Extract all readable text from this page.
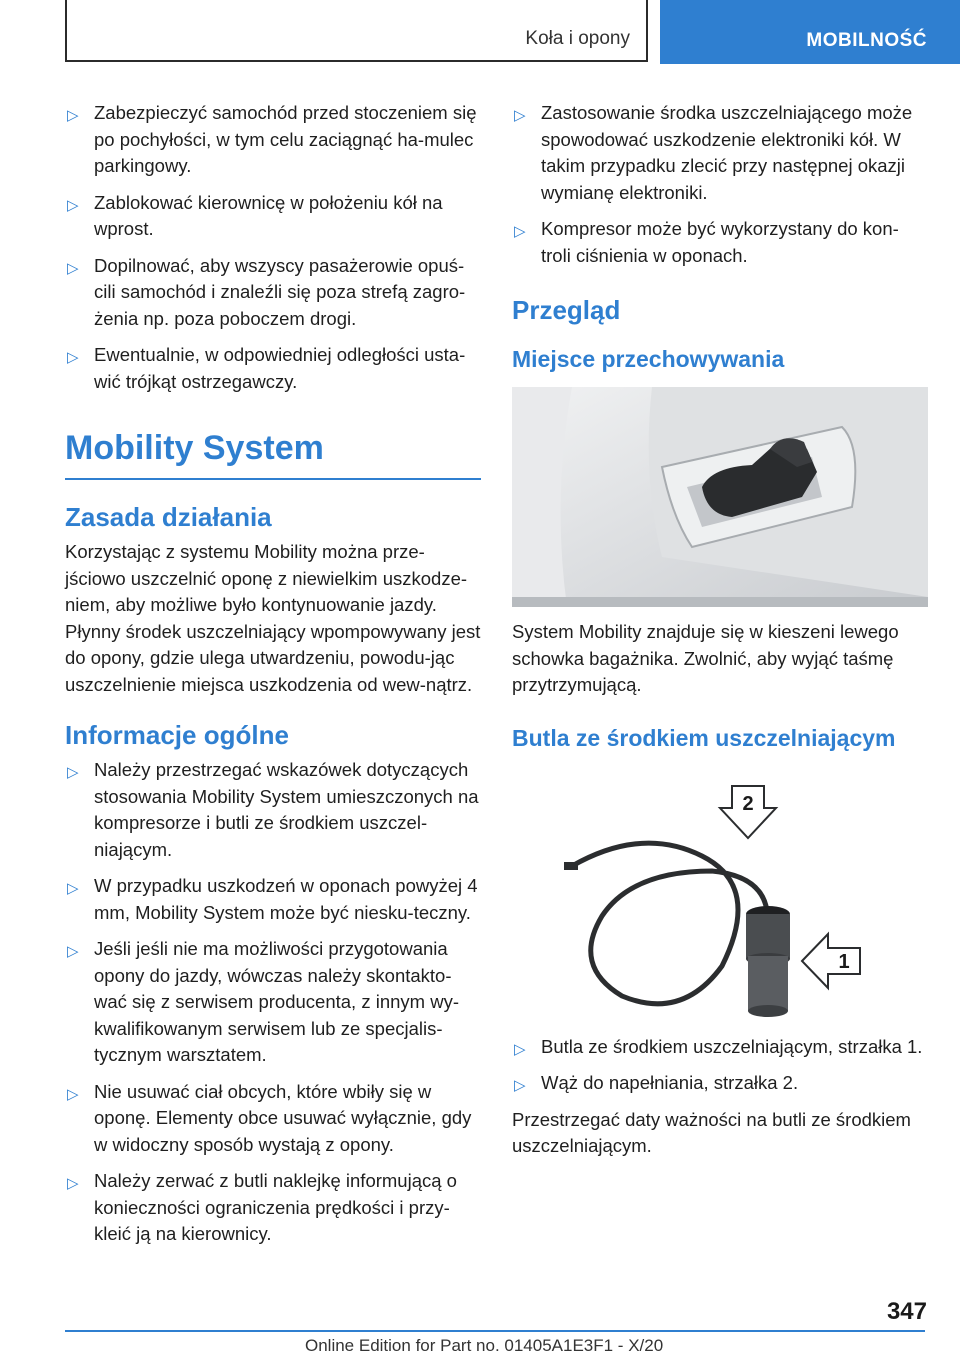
Koła i opony	MOBILNOŚĆ
▷ Zabezpieczyć samochód przed stoczeniem się po pochyłości, w tym celu zaciągnąć ha-mulec parkingowy.
▷ Zablokować kierownicę w położeniu kół na wprost.
▷ Dopilnować, aby wszyscy pasażerowie opuś-cili samochód i znaleźli się poza strefą zagro-żenia np. poza poboczem drogi.
▷ Ewentualnie, w odpowiedniej odległości usta-wić trójkąt ostrzegawczy.
Mobility System
Zasada działania

Korzystając z systemu Mobility można prze-jściowo uszczelnić oponę z niewielkim uszkodze-niem, aby możliwe było kontynuowanie jazdy. Płynny środek uszczelniający wpompowywany jest do opony, gdzie ulega utwardzeniu, powodu-jąc uszczelnienie miejsca uszkodzenia od wew-nątrz.

Informacje ogólne
▷ Należy przestrzegać wskazówek dotyczących stosowania Mobility System umieszczonych na kompresorze i butli ze środkiem uszczel-niającym.
▷ W przypadku uszkodzeń w oponach powyżej 4 mm, Mobility System może być niesku-teczny.
▷ Jeśli jeśli nie ma możliwości przygotowania opony do jazdy, wówczas należy skontakto-wać się z serwisem producenta, z innym wy-kwalifikowanym serwisem lub ze specjalis-tycznym warsztatem.
▷ Nie usuwać ciał obcych, które wbiły się w oponę. Elementy obce usuwać wyłącznie, gdy w widoczny sposób wystają z opony.
▷ Należy zerwać z butli naklejkę informującą o konieczności ograniczenia prędkości i przy-kleić ją na kierownicy.
▷ Zastosowanie środka uszczelniającego może spowodować uszkodzenie elektroniki kół. W takim przypadku zlecić przy następnej okazji wymianę elektroniki.
▷ Kompresor może być wykorzystany do kon-troli ciśnienia w oponach.
Przegląd
Miejsce przechowywania

System Mobility znajduje się w kieszeni lewego schowka bagażnika. Zwolnić, aby wyjąć taśmę przytrzymującą.

Butla ze środkiem uszczelniającym
2
1
▷ Butla ze środkiem uszczelniającym, strzałka 1.
▷ Wąż do napełniania, strzałka 2.

Przestrzegać daty ważności na butli ze środkiem uszczelniającym.

347
Online Edition for Part no. 01405A1E3F1 - X/20
